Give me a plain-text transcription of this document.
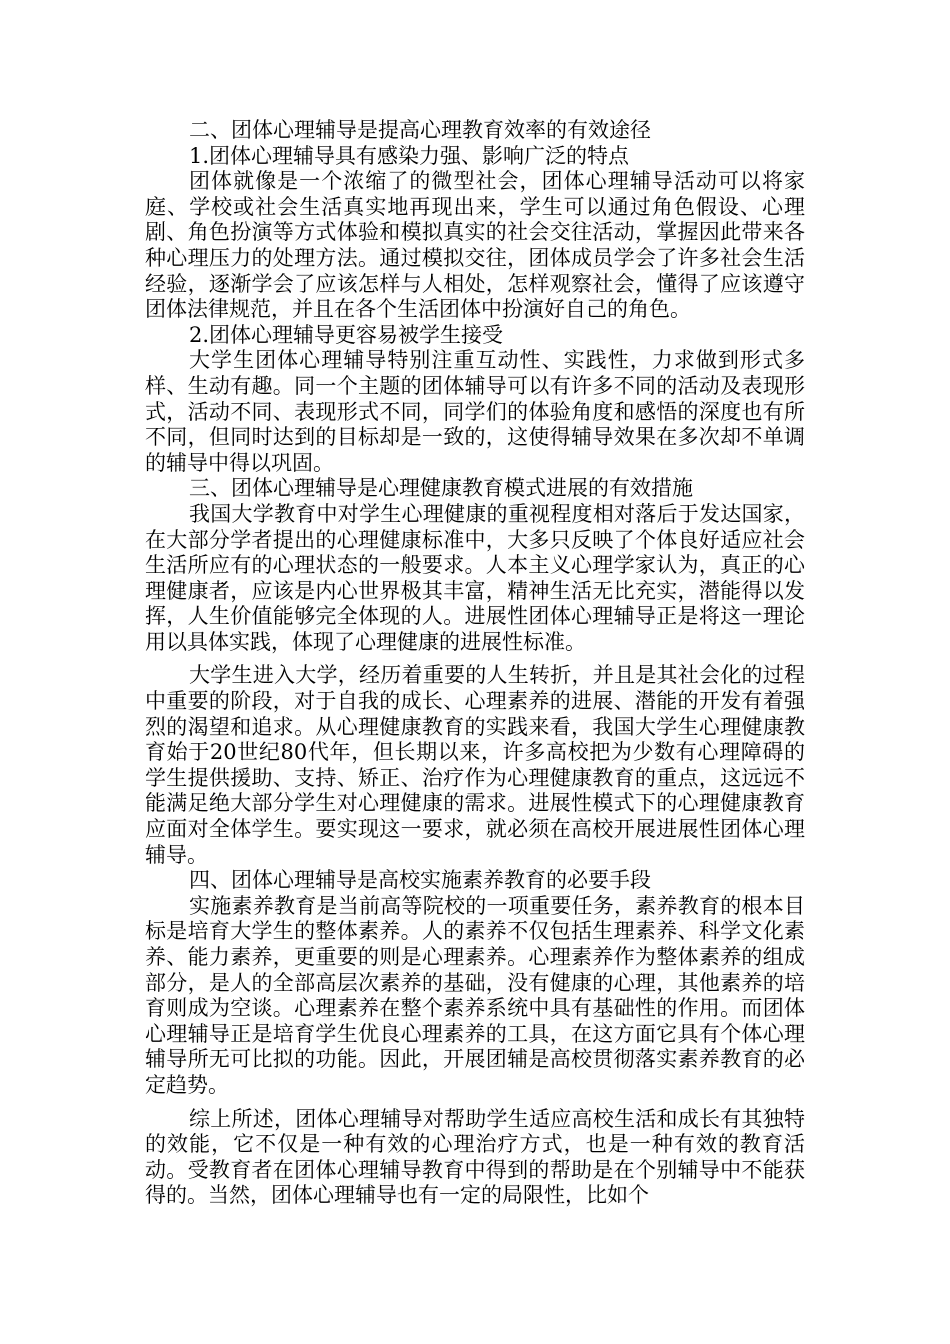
二、团体心理辅导是提高心理教育效率的有效途径

1.团体心理辅导具有感染力强、影响广泛的特点

团体就像是一个浓缩了的微型社会，团体心理辅导活动可以将家庭、学校或社会生活真实地再现出来，学生可以通过角色假设、心理剧、角色扮演等方式体验和模拟真实的社会交往活动，掌握因此带来各种心理压力的处理方法。通过模拟交往，团体成员学会了许多社会生活经验，逐渐学会了应该怎样与人相处，怎样观察社会，懂得了应该遵守团体法律规范，并且在各个生活团体中扮演好自己的角色。

2.团体心理辅导更容易被学生接受

大学生团体心理辅导特别注重互动性、实践性，力求做到形式多样、生动有趣。同一个主题的团体辅导可以有许多不同的活动及表现形式，活动不同、表现形式不同，同学们的体验角度和感悟的深度也有所不同，但同时达到的目标却是一致的，这使得辅导效果在多次却不单调的辅导中得以巩固。

三、团体心理辅导是心理健康教育模式进展的有效措施

我国大学教育中对学生心理健康的重视程度相对落后于发达国家，在大部分学者提出的心理健康标准中，大多只反映了个体良好适应社会生活所应有的心理状态的一般要求。人本主义心理学家认为，真正的心理健康者，应该是内心世界极其丰富，精神生活无比充实，潜能得以发挥，人生价值能够完全体现的人。进展性团体心理辅导正是将这一理论用以具体实践，体现了心理健康的进展性标准。

大学生进入大学，经历着重要的人生转折，并且是其社会化的过程中重要的阶段，对于自我的成长、心理素养的进展、潜能的开发有着强烈的渴望和追求。从心理健康教育的实践来看，我国大学生心理健康教育始于20世纪80代年，但长期以来，许多高校把为少数有心理障碍的学生提供援助、支持、矫正、治疗作为心理健康教育的重点，这远远不能满足绝大部分学生对心理健康的需求。进展性模式下的心理健康教育应面对全体学生。要实现这一要求，就必须在高校开展进展性团体心理辅导。

四、团体心理辅导是高校实施素养教育的必要手段

实施素养教育是当前高等院校的一项重要任务，素养教育的根本目标是培育大学生的整体素养。人的素养不仅包括生理素养、科学文化素养、能力素养，更重要的则是心理素养。心理素养作为整体素养的组成部分，是人的全部高层次素养的基础，没有健康的心理，其他素养的培育则成为空谈。心理素养在整个素养系统中具有基础性的作用。而团体心理辅导正是培育学生优良心理素养的工具，在这方面它具有个体心理辅导所无可比拟的功能。因此，开展团辅是高校贯彻落实素养教育的必定趋势。

综上所述，团体心理辅导对帮助学生适应高校生活和成长有其独特的效能，它不仅是一种有效的心理治疗方式，也是一种有效的教育活动。受教育者在团体心理辅导教育中得到的帮助是在个别辅导中不能获得的。当然，团体心理辅导也有一定的局限性，比如个
